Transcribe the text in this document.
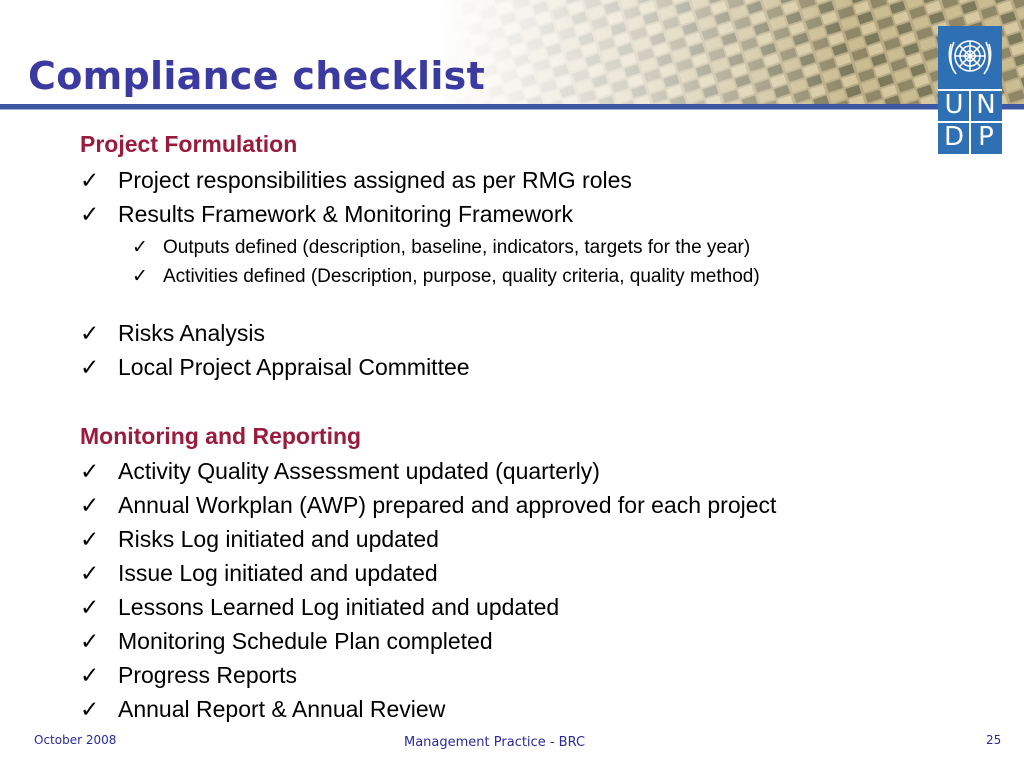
Compliance checklist
U N
D P
Project Formulation
✓ Project responsibilities assigned as per RMG roles
✓ Results Framework & Monitoring Framework
✓ Outputs defined (description, baseline, indicators, targets for the year)
✓ Activities defined (Description, purpose, quality criteria, quality method)
✓ Risks Analysis
✓ Local Project Appraisal Committee
Monitoring and Reporting
✓ Activity Quality Assessment updated (quarterly)
✓ Annual Workplan (AWP) prepared and approved for each project
✓ Risks Log initiated and updated
✓ Issue Log initiated and updated
✓ Lessons Learned Log initiated and updated
✓ Monitoring Schedule Plan completed
✓ Progress Reports
✓ Annual Report & Annual Review
October 2008	Management Practice - BRC	25
